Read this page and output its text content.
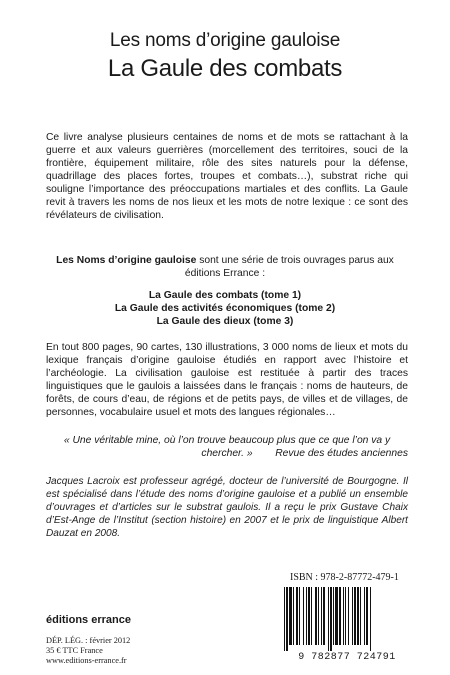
Les noms d’origine gauloise
La Gaule des combats

Ce livre analyse plusieurs centaines de noms et de mots se rattachant à la guerre et aux valeurs guerrières (morcellement des territoires, souci de la frontière, équipement militaire, rôle des sites naturels pour la défense, quadrillage des places fortes, troupes et combats…), substrat riche qui souligne l’importance des préoccupations martiales et des conflits. La Gaule revit à travers les noms de nos lieux et les mots de notre lexique : ce sont des révélateurs de civilisation.

Les Noms d’origine gauloise sont une série de trois ouvrages parus aux éditions Errance :

La Gaule des combats (tome 1)
La Gaule des activités économiques (tome 2)
La Gaule des dieux (tome 3)

En tout 800 pages, 90 cartes, 130 illustrations, 3 000 noms de lieux et mots du lexique français d’origine gauloise étudiés en rapport avec l’histoire et l’archéologie. La civilisation gauloise est restituée à partir des traces linguistiques que le gaulois a laissées dans le français : noms de hauteurs, de forêts, de cours d’eau, de régions et de petits pays, de villes et de villages, de personnes, vocabulaire usuel et mots des langues régionales…

« Une véritable mine, où l’on trouve beaucoup plus que ce que l’on va y chercher. »	Revue des études anciennes

Jacques Lacroix est professeur agrégé, docteur de l’université de Bourgogne. Il est spécialisé dans l’étude des noms d’origine gauloise et a publié un ensemble d’ouvrages et d’articles sur le substrat gaulois. Il a reçu le prix Gustave Chaix d’Est-Ange de l’Institut (section histoire) en 2007 et le prix de linguistique Albert Dauzat en 2008.

ISBN : 978-2-87772-479-1
9 782877 724791
éditions errance
DÉP. LÉG. : février 2012
35 € TTC France
www.editions-errance.fr
